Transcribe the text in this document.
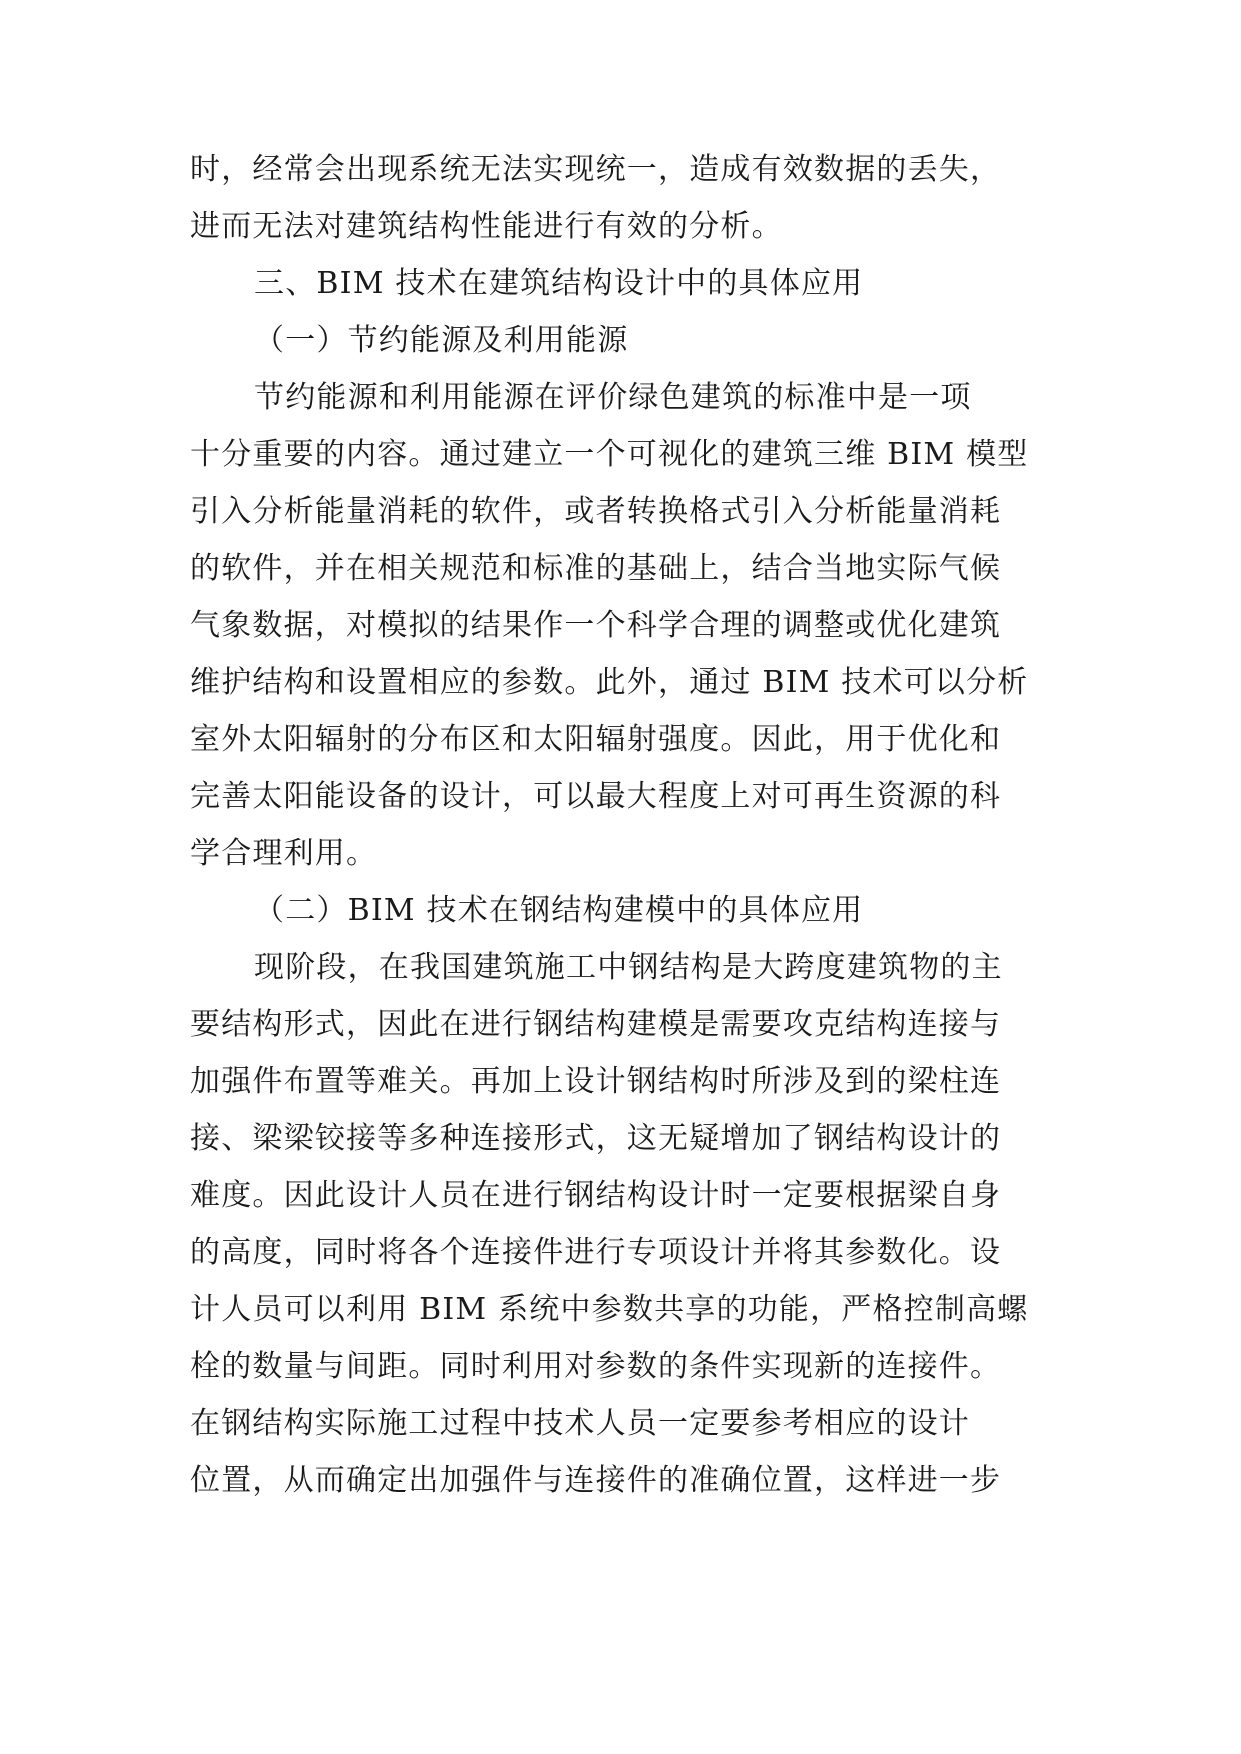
时，经常会出现系统无法实现统一，造成有效数据的丢失，
进而无法对建筑结构性能进行有效的分析。
三、BIM 技术在建筑结构设计中的具体应用
（一）节约能源及利用能源
节约能源和利用能源在评价绿色建筑的标准中是一项
十分重要的内容。通过建立一个可视化的建筑三维 BIM 模型
引入分析能量消耗的软件，或者转换格式引入分析能量消耗
的软件，并在相关规范和标准的基础上，结合当地实际气候
气象数据，对模拟的结果作一个科学合理的调整或优化建筑
维护结构和设置相应的参数。此外，通过 BIM 技术可以分析
室外太阳辐射的分布区和太阳辐射强度。因此，用于优化和
完善太阳能设备的设计，可以最大程度上对可再生资源的科
学合理利用。
（二）BIM 技术在钢结构建模中的具体应用
现阶段，在我国建筑施工中钢结构是大跨度建筑物的主
要结构形式，因此在进行钢结构建模是需要攻克结构连接与
加强件布置等难关。再加上设计钢结构时所涉及到的梁柱连
接、梁梁铰接等多种连接形式，这无疑增加了钢结构设计的
难度。因此设计人员在进行钢结构设计时一定要根据梁自身
的高度，同时将各个连接件进行专项设计并将其参数化。设
计人员可以利用 BIM 系统中参数共享的功能，严格控制高螺
栓的数量与间距。同时利用对参数的条件实现新的连接件。
在钢结构实际施工过程中技术人员一定要参考相应的设计
位置，从而确定出加强件与连接件的准确位置，这样进一步
